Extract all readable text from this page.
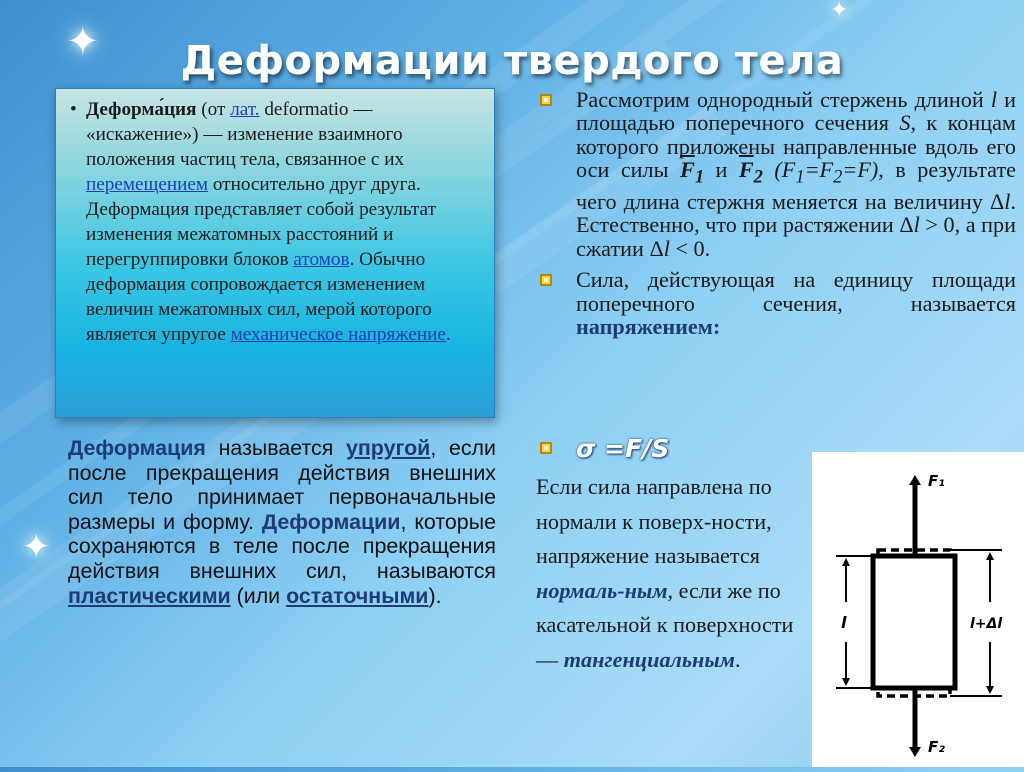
✦
✦
✦
Деформации твердого тела
• Деформа́ция (от лат. deformatio — «искажение») — изменение взаимного положения частиц тела, связанное с их перемещением относительно друг друга. Деформация представляет собой результат изменения межатомных расстояний и перегруппировки блоков атомов. Обычно деформация сопровождается изменением величин межатомных сил, мерой которого является упругое механическое напряжение.

Деформация называется упругой, если после прекращения действия внешних сил тело принимает первоначальные размеры и форму. Деформации, которые сохраняются в теле после прекращения действия внешних сил, называются пластическими (или остаточными).

Рассмотрим однородный стержень длиной l и площадью поперечного сечения S, к концам которого приложены направленные вдоль его оси силы $\overline{F}_1$ и $\overline{F}_2$ $(F_1=F_2=F)$, в результате чего длина стержня меняется на величину Δl. Естественно, что при растяжении Δl > 0, а при сжатии Δl < 0.
Сила, действующая на единицу площади поперечного сечения, называется напряжением:

σ =F/S

Если сила направлена по нормали к поверх-ности, напряжение называется нормаль-ным, если же по касательной к поверхности — тангенциальным.

F₁
F₂
l	l+Δl
